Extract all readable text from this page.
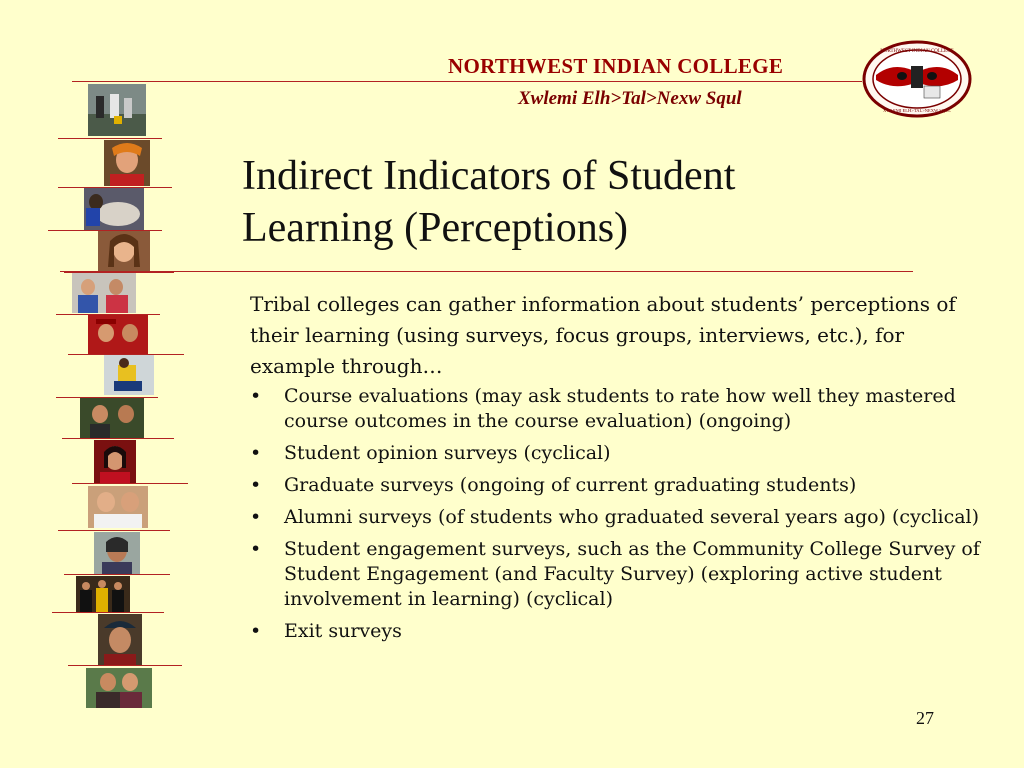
NORTHWEST INDIAN COLLEGE
Xwlemi Elh>Tal>Nexw Squl
NORTHWEST INDIAN COLLEGE
XWLEMI ELH>TAL>NEXW SQUL
Indirect Indicators of Student
Learning (Perceptions)
Tribal colleges can gather information about students’ perceptions of their learning (using surveys, focus groups, interviews, etc.), for example through…
• Course evaluations (may ask students to rate how well they mastered course outcomes in the course evaluation) (ongoing)
• Student opinion surveys (cyclical)
• Graduate surveys (ongoing of current graduating students)
• Alumni surveys (of students who graduated several years ago) (cyclical)
• Student engagement surveys, such as the Community College Survey of Student Engagement (and Faculty Survey) (exploring active student involvement in learning) (cyclical)
• Exit surveys
27
